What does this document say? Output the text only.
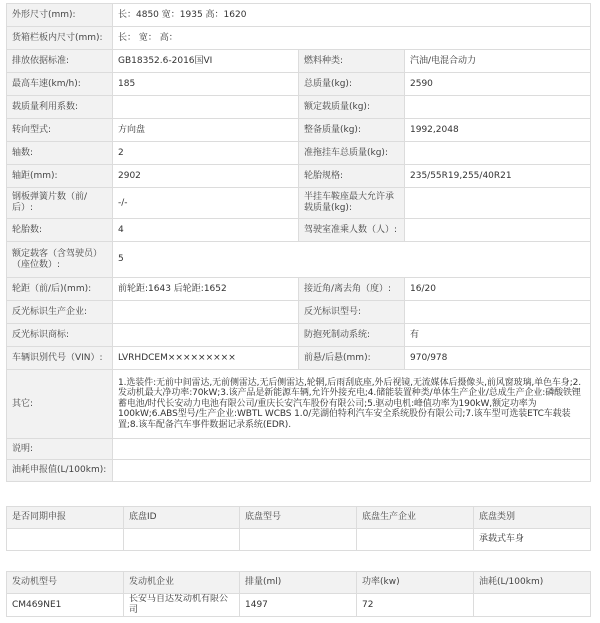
外形尺寸(mm):	长：4850 宽：1935 高：1620		
货箱栏板内尺寸(mm):	长： 宽： 高：		
排放依据标准:	GB18352.6-2016国VI	燃料种类:	汽油/电混合动力
最高车速(km/h):	185	总质量(kg):	2590
载质量利用系数:		额定载质量(kg):	
转向型式:	方向盘	整备质量(kg):	1992,2048
轴数:	2	准拖挂车总质量(kg):	
轴距(mm):	2902	轮胎规格:	235/55R19,255/40R21
钢板弹簧片数（前/后）:	-/-	半挂车鞍座最大允许承载质量(kg):	
轮胎数:	4	驾驶室准乘人数（人）:	
额定载客（含驾驶员）（座位数）:	5		
轮距（前/后)(mm):	前轮距:1643 后轮距:1652	接近角/离去角（度）:	16/20
反光标识生产企业:		反光标识型号:	
反光标识商标:		防抱死制动系统:	有
车辆识别代号（VIN）:	LVRHDCEM×××××××××	前悬/后悬(mm):	970/978
其它:	1.选装件:无前中间雷达,无前侧雷达,无后侧雷达,轮辋,后雨刮底座,外后视镜,无流媒体后摄像头,前风窗玻璃,单色车身;2.发动机最大净功率:70kW;3.该产品是新能源车辆,允许外接充电;4.储能装置种类/单体生产企业/总成生产企业:磷酸铁锂蓄电池/时代长安动力电池有限公司/重庆长安汽车股份有限公司;5.驱动电机:峰值功率为190kW,额定功率为100kW;6.ABS型号/生产企业:WBTL WCBS 1.0/芜湖伯特利汽车安全系统股份有限公司;7.该车型可选装ETC车载装置;8.该车配备汽车事件数据记录系统(EDR).		
说明:			
油耗申报值(L/100km):			
是否同期申报	底盘ID	底盘型号	底盘生产企业	底盘类别
				承载式车身
发动机型号	发动机企业	排量(ml)	功率(kw)	油耗(L/100km)
CM469NE1	长安马自达发动机有限公司	1497	72	
